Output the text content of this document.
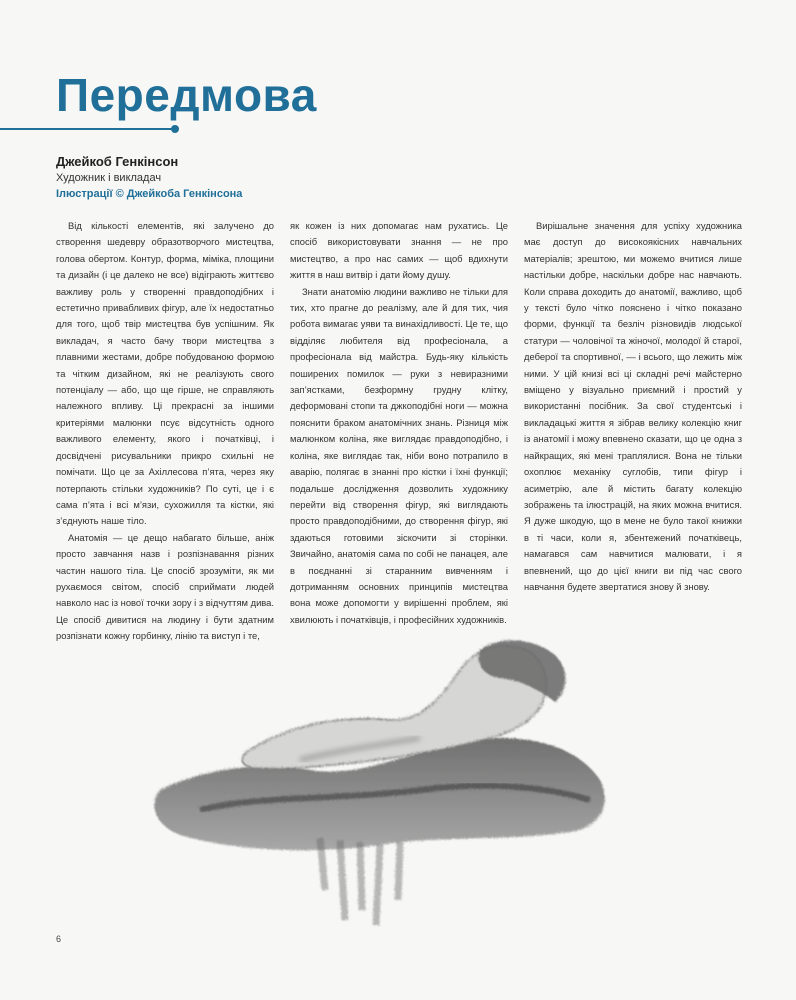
Передмова
Джейкоб Генкінсон
Художник і викладач
Ілюстрації © Джейкоба Генкінсона

Від кількості елементів, які залучено до створення шедевру образотворчого мистецтва, голова обертом. Контур, форма, міміка, площини та дизайн (і це далеко не все) відіграють життєво важливу роль у створенні правдоподібних і естетично привабливих фігур, але їх недостатньо для того, щоб твір мистецтва був успішним. Як викладач, я часто бачу твори мистецтва з плавними жестами, добре побудованою формою та чітким дизайном, які не реалізують свого потенціалу — або, що ще гірше, не справляють належного впливу. Ці прекрасні за іншими критеріями малюнки псує відсутність одного важливого елементу, якого і початківці, і досвідчені рисувальники прикро схильні не помічати. Що це за Ахіллесова п’ята, через яку потерпають стільки художників? По суті, це і є сама п’ята і всі м’язи, сухожилля та кістки, які з’єднують наше тіло.

Анатомія — це дещо набагато більше, аніж просто завчання назв і розпізнавання різних частин нашого тіла. Це спосіб зрозуміти, як ми рухаємося світом, спосіб сприймати людей навколо нас із нової точки зору і з відчуттям дива. Це спосіб дивитися на людину і бути здатним розпізнати кожну горбинку, лінію та виступ і те,

як кожен із них допомагає нам рухатись. Це спосіб використовувати знання — не про мистецтво, а про нас самих — щоб вдихнути життя в наш витвір і дати йому душу.

Знати анатомію людини важливо не тільки для тих, хто прагне до реалізму, але й для тих, чия робота вимагає уяви та винахідливості. Це те, що відділяє любителя від професіонала, а професіонала від майстра. Будь-яку кількість поширених помилок — руки з невиразними зап’ястками, безформну грудну клітку, деформовані стопи та джкоподібні ноги — можна пояснити браком анатомічних знань. Різниця між малюнком коліна, яке виглядає правдоподібно, і коліна, яке виглядає так, ніби воно потрапило в аварію, полягає в знанні про кістки і їхні функції; подальше дослідження дозволить художнику перейти від створення фігур, які виглядають просто правдоподібними, до створення фігур, які здаються готовими зіскочити зі сторінки. Звичайно, анатомія сама по собі не панацея, але в поєднанні зі старанним вивченням і дотриманням основних принципів мистецтва вона може допомогти у вирішенні проблем, які хвилюють і початківців, і професійних художників.

Вирішальне значення для успіху художника має доступ до високоякісних навчальних матеріалів; зрештою, ми можемо вчитися лише настільки добре, наскільки добре нас навчають. Коли справа доходить до анатомії, важливо, щоб у тексті було чітко пояснено і чітко показано форми, функції та безліч різновидів людської статури — чоловічої та жіночої, молодої й старої, деберої та спортивної, — і всього, що лежить між ними. У цій книзі всі ці складні речі майстерно вміщено у візуально приємний і простий у використанні посібник. За свої студентські і викладацькі життя я зібрав велику колекцію книг із анатомії і можу впевнено сказати, що це одна з найкращих, які мені траплялися. Вона не тільки охоплює механіку суглобів, типи фігур і асиметрію, але й містить багату колекцію зображень та ілюстрацій, на яких можна вчитися. Я дуже шкодую, що в мене не було такої книжки в ті часи, коли я, збентежений початківець, намагався сам навчитися малювати, і я впевнений, що до цієї книги ви під час свого навчання будете звертатися знову й знову.

6
